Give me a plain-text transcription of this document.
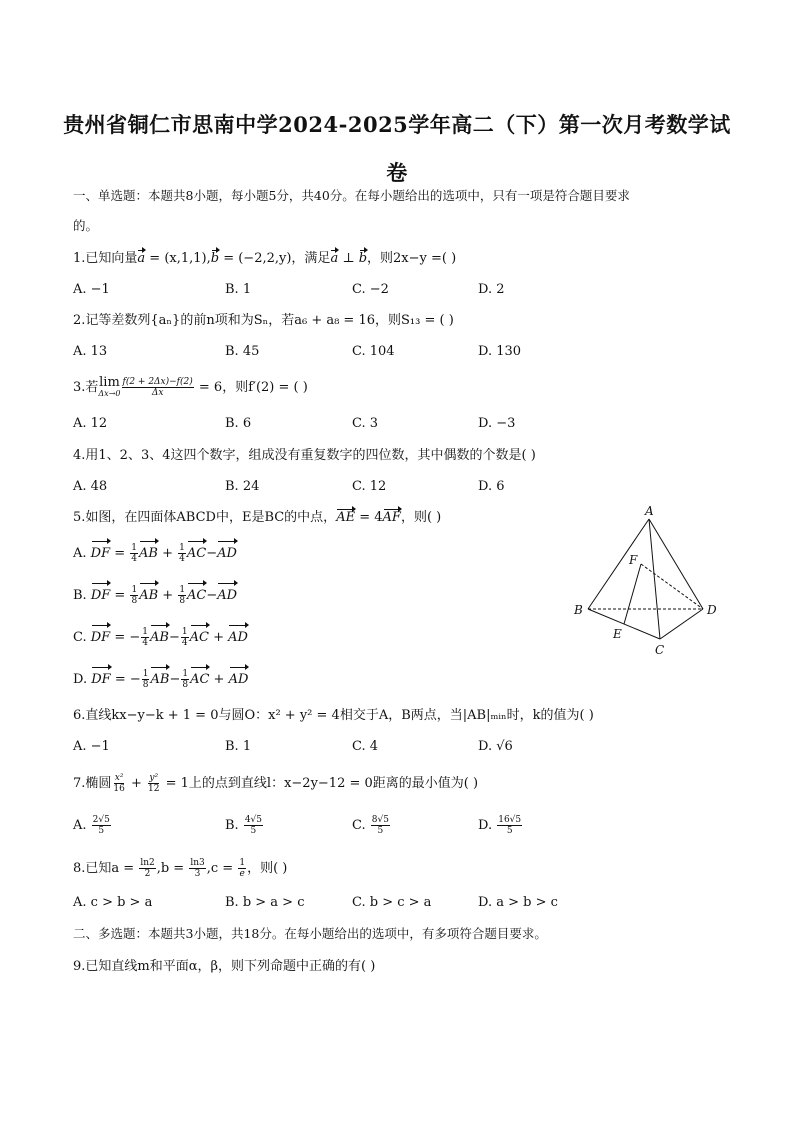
贵州省铜仁市思南中学2024-2025学年高二（下）第一次月考数学试
卷
一、单选题：本题共8小题，每小题5分，共40分。在每小题给出的选项中，只有一项是符合题目要求
的。
1.已知向量a = (x,1,1),b = (−2,2,y)，满足a ⊥ b，则2x−y =( )
A. −1	B. 1	C. −2	D. 2
2.记等差数列{aₙ}的前n项和为Sₙ，若a₆ + a₈ = 16，则S₁₃ = ( )
A. 13	B. 45	C. 104	D. 130
3.若 lim
$\Delta x\to 0 \frac{f(2 + 2\Delta x)-f(2)}{\Delta x} = 6$，则f′(2) = ( )
A. 12	B. 6	C. 3	D. −3
4.用1、2、3、4这四个数字，组成没有重复数字的四位数，其中偶数的个数是( )
A. 48	B. 24	C. 12	D. 6
5.如图，在四面体ABCD中，E是BC的中点，AE = 4AF，则( )
A. DF = $\frac{1}{4}$ AB + $\frac{1}{4} AC-AD$
B. DF = $\frac{1}{8}$ AB + $\frac{1}{8} AC-AD$
C. DF = − $\frac{1}{4} AB- \frac{1}{4}$ AC + AD
D. DF = − $\frac{1}{8} AB- \frac{1}{8}$ AC + AD
A
B
C
D
E
F
6.直线kx−y−k + 1 = 0与圆O：x² + y² = 4相交于A，B两点，当|AB|ₘᵢₙ时，k的值为( )
A. −1	B. 1	C. 4	D. √6
7.椭圆 $\frac{\text{x²}}{16} + \frac{\text{y²}}{12} = 1$上的点到直线l：x−2y−12 = 0距离的最小值为( )
A. $\frac{2√5}{5}$	B. $\frac{4√5}{5}$	C. $\frac{8√5}{5}$	D. $\frac{16√5}{5}$
8.已知$a = \frac{\ln 2}{2} ,b = \frac{\ln 3}{3} ,c = \frac{1}{e}$ ，则( )
A. c > b > a	B. b > a > c	C. b > c > a	D. a > b > c
二、多选题：本题共3小题，共18分。在每小题给出的选项中，有多项符合题目要求。
9.已知直线m和平面α，β，则下列命题中正确的有( )
